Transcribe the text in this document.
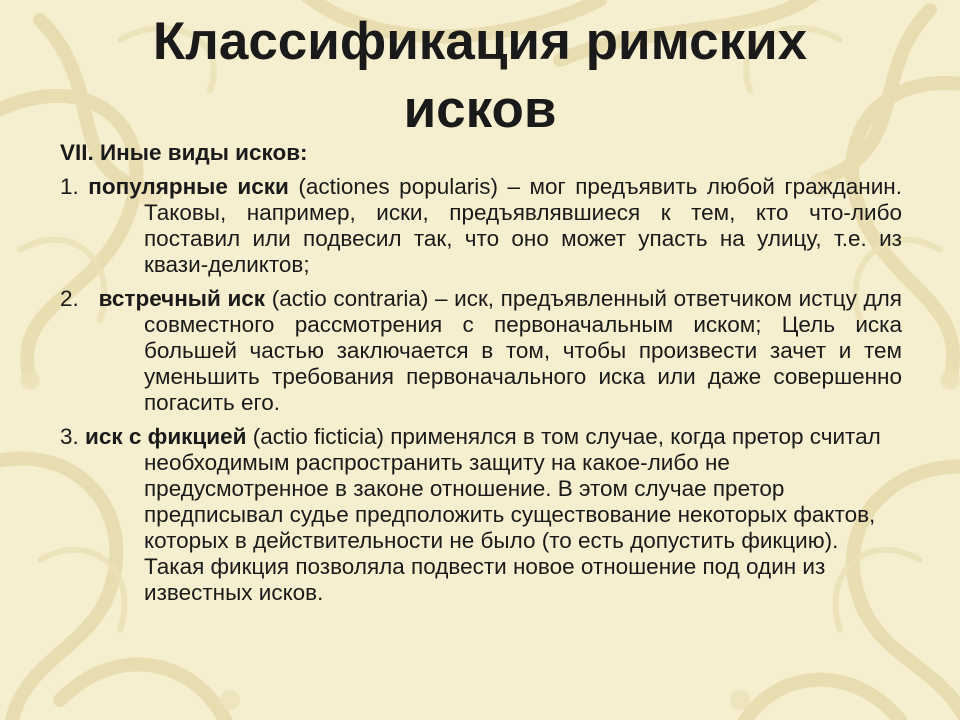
Классификация римских
исков

VII. Иные виды исков:

1. популярные иски (actiones popularis) – мог предъявить любой гражданин. Таковы, например, иски, предъявлявшиеся к тем, кто что-либо поставил или подвесил так, что оно может упасть на улицу, т.е. из квази-деликтов;

2. встречный иск (actio contraria) – иск, предъявленный ответчиком истцу для совместного рассмотрения с первоначальным иском; Цель иска большей частью заключается в том, чтобы произвести зачет и тем уменьшить требования первоначального иска или даже совершенно погасить его.

3. иск с фикцией (actio ficticia) применялся в том случае, когда претор считал необходимым распространить защиту на какое-либо не предусмотренное в законе отношение. В этом случае претор предписывал судье предположить существование некоторых фактов, которых в действительности не было (то есть допустить фикцию). Такая фикция позволяла подвести новое отношение под один из известных исков.
